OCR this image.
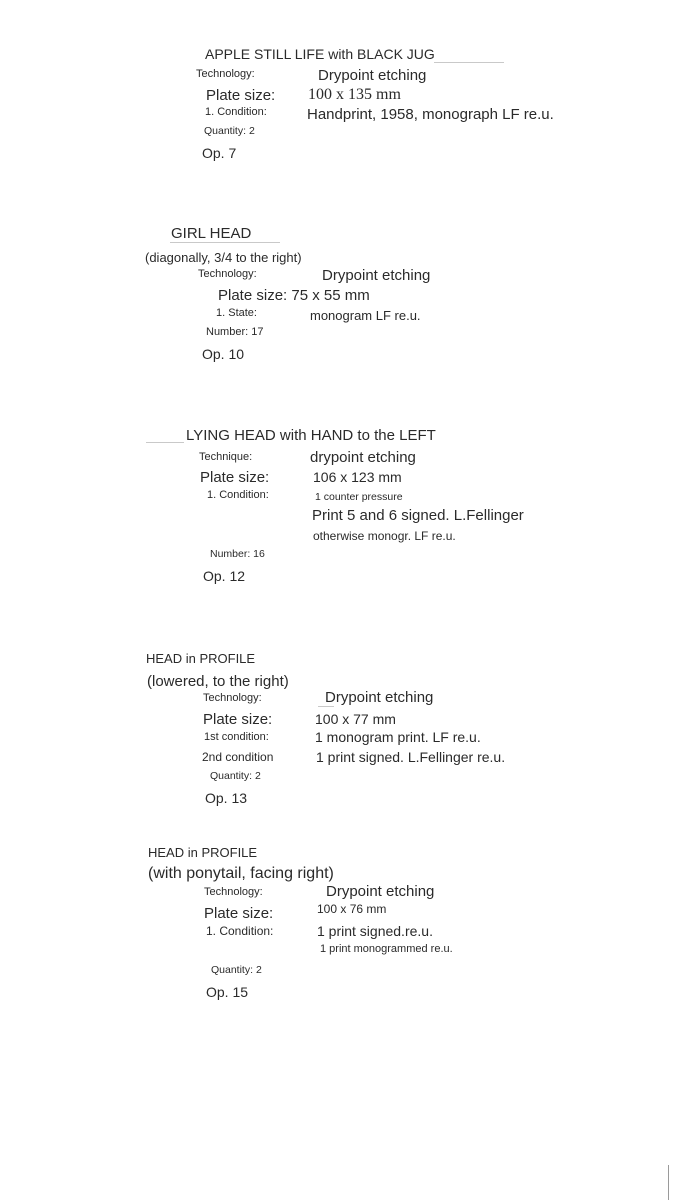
APPLE STILL LIFE with BLACK JUG
Technology:	Drypoint etching
Plate size: 100 x 135 mm
1. Condition:	Handprint, 1958, monograph LF re.u.
Quantity: 2
Op. 7
GIRL HEAD
(diagonally, 3/4 to the right)
Technology:	Drypoint etching
Plate size: 75 x 55 mm
1. State:	monogram LF re.u.
Number: 17
Op. 10
LYING HEAD with HAND to the LEFT
Technique:	drypoint etching
Plate size:	106 x 123 mm
1. Condition:	1 counter pressure
Print 5 and 6 signed. L.Fellinger
otherwise monogr. LF re.u.
Number: 16
Op. 12
HEAD in PROFILE
(lowered, to the right)
Technology:	Drypoint etching
Plate size:	100 x 77 mm
1st condition:	1 monogram print. LF re.u.
2nd condition	1 print signed. L.Fellinger re.u.
Quantity: 2
Op. 13
HEAD in PROFILE
(with ponytail, facing right)
Technology:	Drypoint etching
Plate size:	100 x 76 mm
1. Condition:	1 print signed.re.u.
1 print monogrammed re.u.
Quantity: 2
Op. 15
